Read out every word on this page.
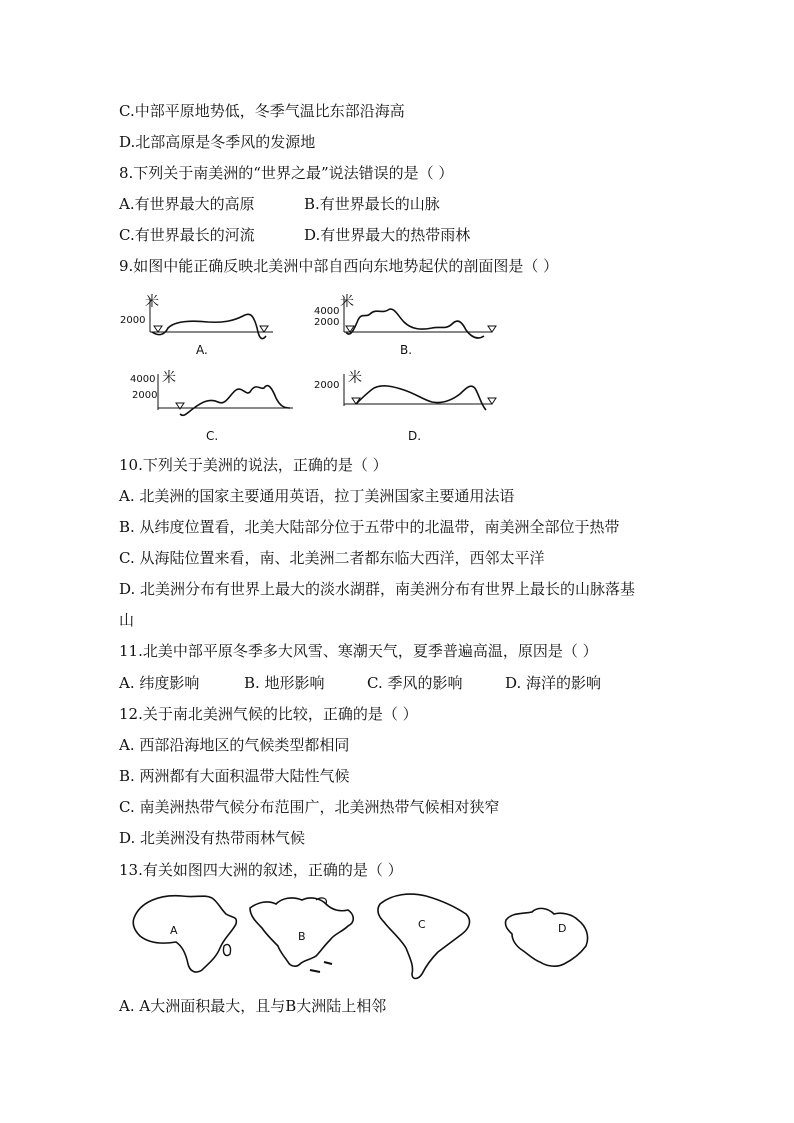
C.中部平原地势低，冬季气温比东部沿海高
D.北部高原是冬季风的发源地
8.下列关于南美洲的“世界之最”说法错误的是（ ）
A.有世界最大的高原	B.有世界最长的山脉
C.有世界最长的河流	D.有世界最大的热带雨林
9.如图中能正确反映北美洲中部自西向东地势起伏的剖面图是（ ）
米
2000
A.
米
4000
2000
B.
米
4000
2000
C.
米
2000
D.
10.下列关于美洲的说法，正确的是（ ）
A. 北美洲的国家主要通用英语，拉丁美洲国家主要通用法语
B. 从纬度位置看，北美大陆部分位于五带中的北温带，南美洲全部位于热带
C. 从海陆位置来看，南、北美洲二者都东临大西洋，西邻太平洋
D. 北美洲分布有世界上最大的淡水湖群，南美洲分布有世界上最长的山脉落基
山
11.北美中部平原冬季多大风雪、寒潮天气，夏季普遍高温，原因是（ ）
A. 纬度影响	B. 地形影响	C. 季风的影响	D. 海洋的影响
12.关于南北美洲气候的比较，正确的是（ ）
A. 西部沿海地区的气候类型都相同
B. 两洲都有大面积温带大陆性气候
C. 南美洲热带气候分布范围广，北美洲热带气候相对狭窄
D. 北美洲没有热带雨林气候
13.有关如图四大洲的叙述，正确的是（ ）
A	B
C	D
A. A大洲面积最大，且与B大洲陆上相邻
